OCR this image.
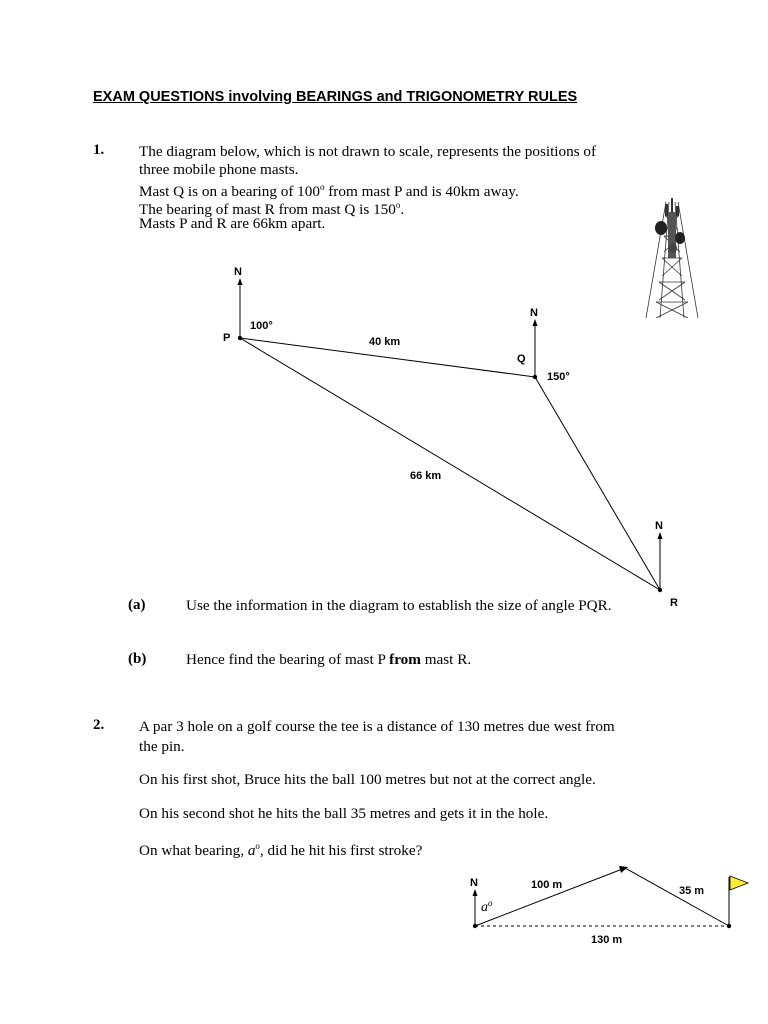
EXAM QUESTIONS involving BEARINGS and TRIGONOMETRY RULES
1. The diagram below, which is not drawn to scale, represents the positions of
three mobile phone masts.
Mast Q is on a bearing of 100$^o$ from mast P and is 40km away.
The bearing of mast R from mast Q is 150$^o$.
Masts P and R are 66km apart.
N
N
N
P
Q
R
100°
150°
40 km
66 km
(a)	Use the information in the diagram to establish the size of angle PQR.
(b)	Hence find the bearing of mast P from mast R.
2. A par 3 hole on a golf course the tee is a distance of 130 metres due west from
the pin.
On his first shot, Bruce hits the ball 100 metres but not at the correct angle.
On his second shot he hits the ball 35 metres and gets it in the hole.
On what bearing, $a^o$, did he hit his first stroke?
N
$a^o$
100 m	35 m
130 m
